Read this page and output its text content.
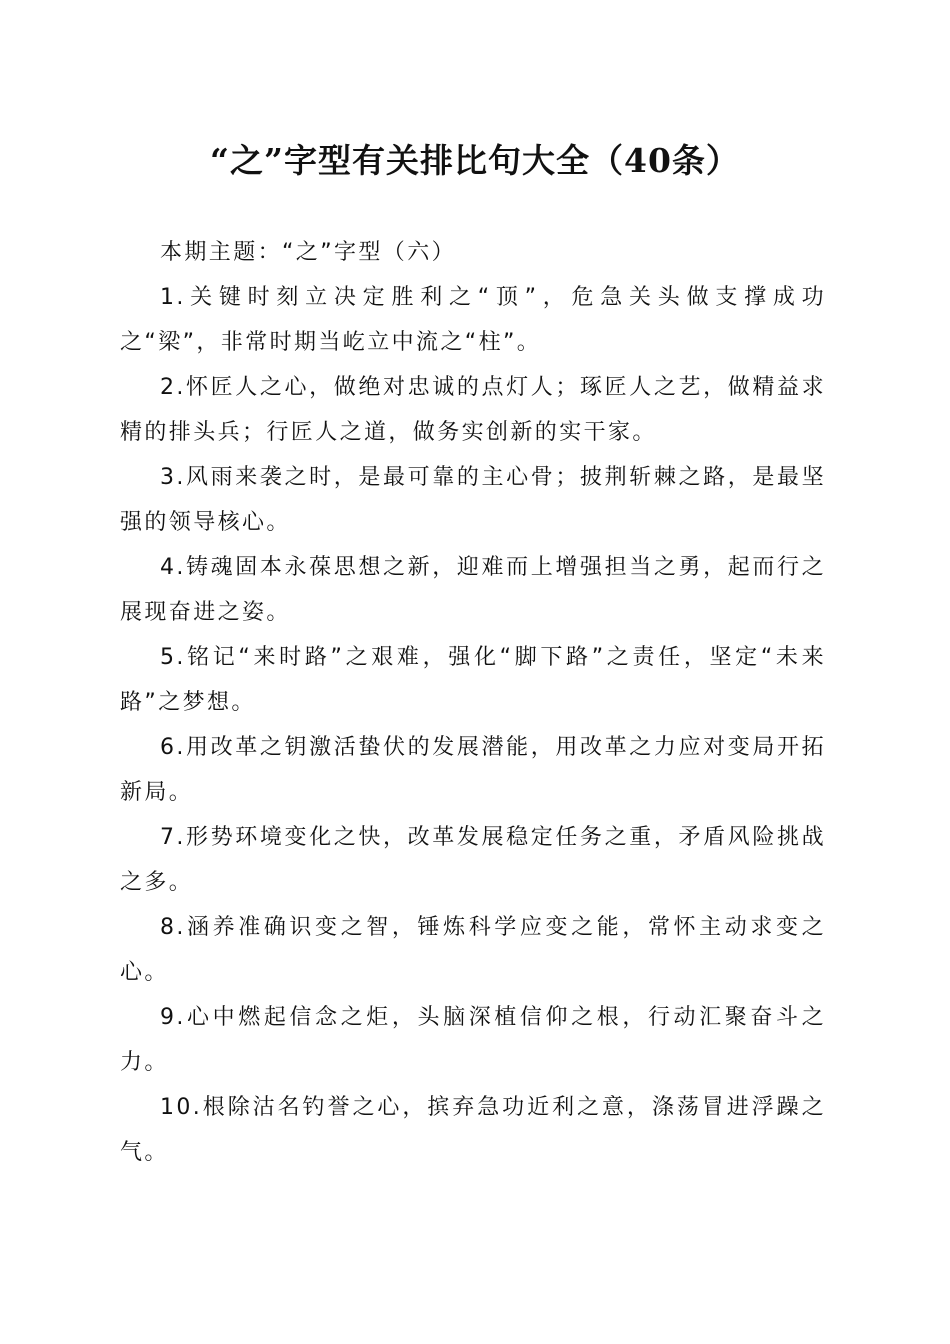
“之”字型有关排比句大全（40条）

本期主题：“之”字型（六）

1.关键时刻立决定胜利之“顶”，危急关头做支撑成功之“梁”，非常时期当屹立中流之“柱”。

2.怀匠人之心，做绝对忠诚的点灯人；琢匠人之艺，做精益求精的排头兵；行匠人之道，做务实创新的实干家。

3.风雨来袭之时，是最可靠的主心骨；披荆斩棘之路，是最坚强的领导核心。

4.铸魂固本永葆思想之新，迎难而上增强担当之勇，起而行之展现奋进之姿。

5.铭记“来时路”之艰难，强化“脚下路”之责任，坚定“未来路”之梦想。

6.用改革之钥激活蛰伏的发展潜能，用改革之力应对变局开拓新局。

7.形势环境变化之快，改革发展稳定任务之重，矛盾风险挑战之多。

8.涵养准确识变之智，锤炼科学应变之能，常怀主动求变之心。

9.心中燃起信念之炬，头脑深植信仰之根，行动汇聚奋斗之力。

10.根除沽名钓誉之心，摈弃急功近利之意，涤荡冒进浮躁之气。
